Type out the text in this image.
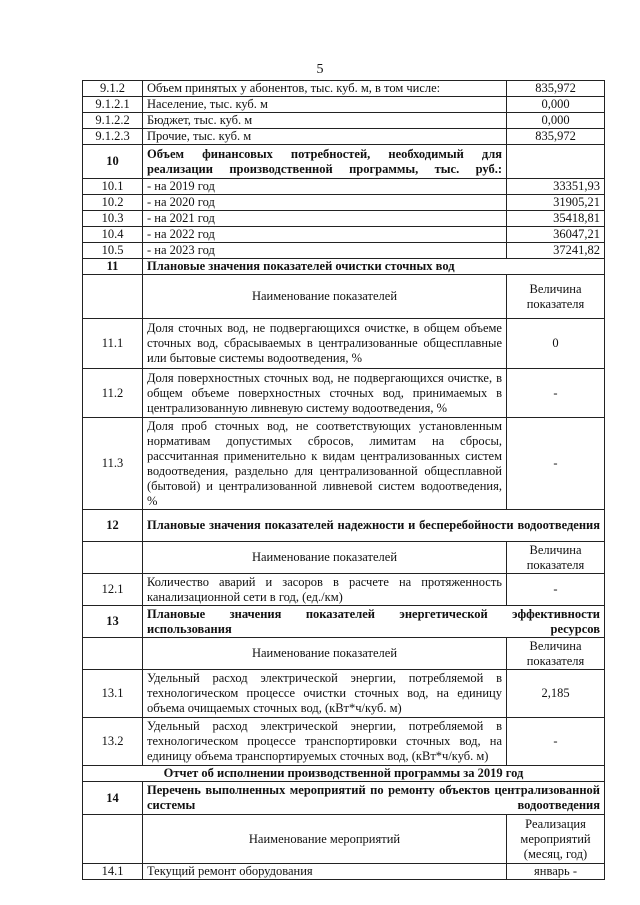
5
9.1.2	Объем принятых у абонентов, тыс. куб. м, в том числе:	835,972
9.1.2.1	Население, тыс. куб. м	0,000
9.1.2.2	Бюджет, тыс. куб. м	0,000
9.1.2.3	Прочие, тыс. куб. м	835,972
10	Объем финансовых потребностей, необходимый для реализации производственной программы, тыс. руб.:	
10.1	- на 2019 год	33351,93
10.2	- на 2020 год	31905,21
10.3	- на 2021 год	35418,81
10.4	- на 2022 год	36047,21
10.5	- на 2023 год	37241,82
11	Плановые значения показателей очистки сточных вод	
	Наименование показателей	Величина показателя
11.1	Доля сточных вод, не подвергающихся очистке, в общем объеме сточных вод, сбрасываемых в централизованные общесплавные или бытовые системы водоотведения, %	0
11.2	Доля поверхностных сточных вод, не подвергающихся очистке, в общем объеме поверхностных сточных вод, принимаемых в централизованную ливневую систему водоотведения, %	-
11.3	Доля проб сточных вод, не соответствующих установленным нормативам допустимых сбросов, лимитам на сбросы, рассчитанная применительно к видам централизованных систем водоотведения, раздельно для централизованной общесплавной (бытовой) и централизованной ливневой систем водоотведения, %	-
12	Плановые значения показателей надежности и бесперебойности водоотведения	
	Наименование показателей	Величина показателя
12.1	Количество аварий и засоров в расчете на протяженность канализационной сети в год, (ед./км)	-
13	Плановые значения показателей энергетической эффективности использования ресурсов	
	Наименование показателей	Величина показателя
13.1	Удельный расход электрической энергии, потребляемой в технологическом процессе очистки сточных вод, на единицу объема очищаемых сточных вод, (кВт*ч/куб. м)	2,185
13.2	Удельный расход электрической энергии, потребляемой в технологическом процессе транспортировки сточных вод, на единицу объема транспортируемых сточных вод, (кВт*ч/куб. м)	-
Отчет об исполнении производственной программы за 2019 год		
14	Перечень выполненных мероприятий по ремонту объектов централизованной системы водоотведения	
	Наименование мероприятий	Реализация мероприятий (месяц, год)
14.1	Текущий ремонт оборудования	январь -
